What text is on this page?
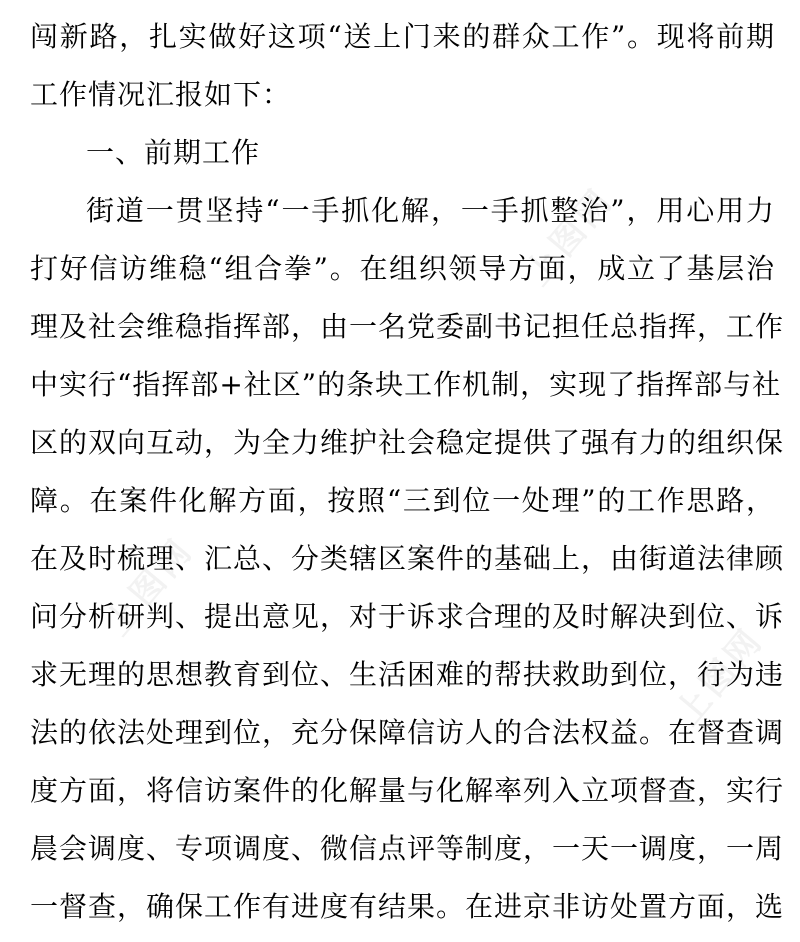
上图网
上图网
上图网
闯新路，扎实做好这项“送上门来的群众工作”。现将前期
工作情况汇报如下：
一、前期工作
街道一贯坚持“一手抓化解，一手抓整治”，用心用力
打好信访维稳“组合拳”。在组织领导方面，成立了基层治
理及社会维稳指挥部，由一名党委副书记担任总指挥，工作
中实行“指挥部+社区”的条块工作机制，实现了指挥部与社
区的双向互动，为全力维护社会稳定提供了强有力的组织保
障。在案件化解方面，按照“三到位一处理”的工作思路，
在及时梳理、汇总、分类辖区案件的基础上，由街道法律顾
问分析研判、提出意见，对于诉求合理的及时解决到位、诉
求无理的思想教育到位、生活困难的帮扶救助到位，行为违
法的依法处理到位，充分保障信访人的合法权益。在督查调
度方面，将信访案件的化解量与化解率列入立项督查，实行
晨会调度、专项调度、微信点评等制度，一天一调度，一周
一督查，确保工作有进度有结果。在进京非访处置方面，选
